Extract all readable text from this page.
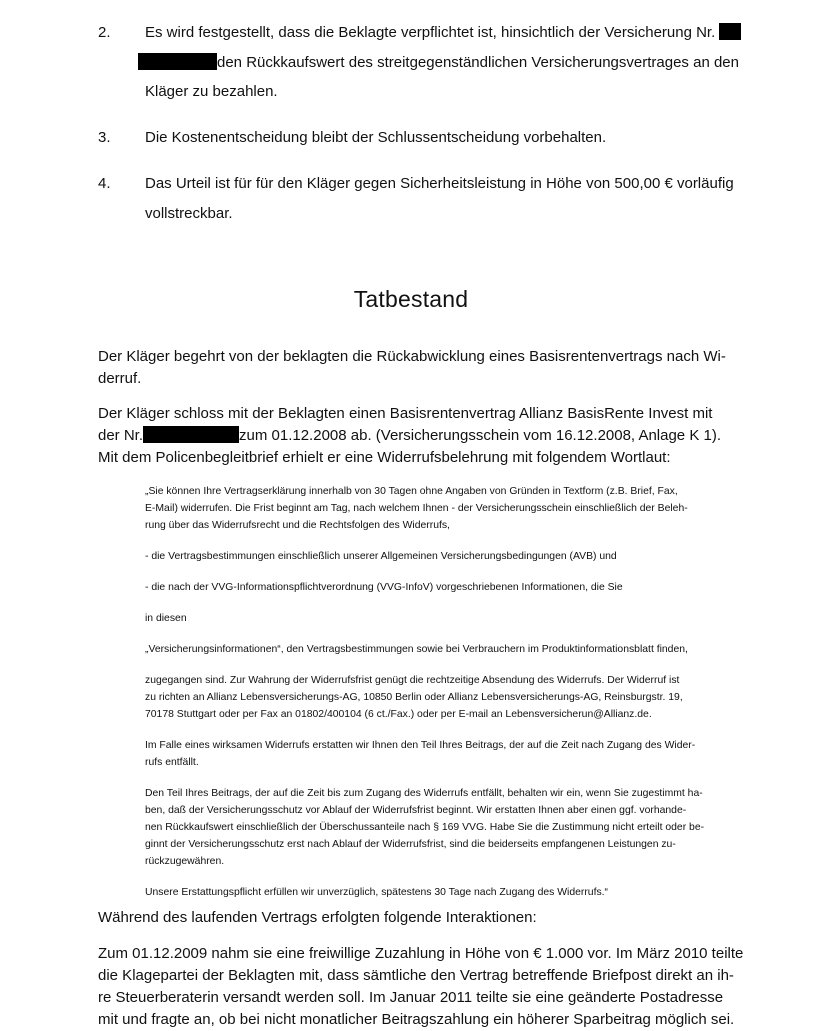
2.	Es wird festgestellt, dass die Beklagte verpflichtet ist, hinsichtlich der Versicherung Nr.
den Rückkaufswert des streitgegenständlichen Versicherungsvertrages an den
Kläger zu bezahlen.
3.	Die Kostenentscheidung bleibt der Schlussentscheidung vorbehalten.
4.	Das Urteil ist für für den Kläger gegen Sicherheitsleistung in Höhe von 500,00 € vorläufig
vollstreckbar.
Tatbestand
Der Kläger begehrt von der beklagten die Rückabwicklung eines Basisrentenvertrags nach Wi-
derruf.
Der Kläger schloss mit der Beklagten einen Basisrentenvertrag Allianz BasisRente Invest mit
der Nr.	zum 01.12.2008 ab. (Versicherungsschein vom 16.12.2008, Anlage K 1).
Mit dem Policenbegleitbrief erhielt er eine Widerrufsbelehrung mit folgendem Wortlaut:

„Sie können Ihre Vertragserklärung innerhalb von 30 Tagen ohne Angaben von Gründen in Textform (z.B. Brief, Fax,
E-Mail) widerrufen. Die Frist beginnt am Tag, nach welchem Ihnen - der Versicherungsschein einschließlich der Beleh-
rung über das Widerrufsrecht und die Rechtsfolgen des Widerrufs,

- die Vertragsbestimmungen einschließlich unserer Allgemeinen Versicherungsbedingungen (AVB) und

- die nach der VVG-Informationspflichtverordnung (VVG-InfoV) vorgeschriebenen Informationen, die Sie

in diesen

„Versicherungsinformationen“, den Vertragsbestimmungen sowie bei Verbrauchern im Produktinformationsblatt finden,

zugegangen sind. Zur Wahrung der Widerrufsfrist genügt die rechtzeitige Absendung des Widerrufs. Der Widerruf ist
zu richten an Allianz Lebensversicherungs-AG, 10850 Berlin oder Allianz Lebensversicherungs-AG, Reinsburgstr. 19,
70178 Stuttgart oder per Fax an 01802/400104 (6 ct./Fax.) oder per E-mail an Lebensversicherun@Allianz.de.

Im Falle eines wirksamen Widerrufs erstatten wir Ihnen den Teil Ihres Beitrags, der auf die Zeit nach Zugang des Wider-
rufs entfällt.

Den Teil Ihres Beitrags, der auf die Zeit bis zum Zugang des Widerrufs entfällt, behalten wir ein, wenn Sie zugestimmt ha-
ben, daß der Versicherungsschutz vor Ablauf der Widerrufsfrist beginnt. Wir erstatten Ihnen aber einen ggf. vorhande-
nen Rückkaufswert einschließlich der Überschussanteile nach § 169 VVG. Habe Sie die Zustimmung nicht erteilt oder be-
ginnt der Versicherungsschutz erst nach Ablauf der Widerrufsfrist, sind die beiderseits empfangenen Leistungen zu-
rückzugewähren.

Unsere Erstattungspflicht erfüllen wir unverzüglich, spätestens 30 Tage nach Zugang des Widerrufs.“

Während des laufenden Vertrags erfolgten folgende Interaktionen:
Zum 01.12.2009 nahm sie eine freiwillige Zuzahlung in Höhe von € 1.000 vor. Im März 2010 teilte
die Klagepartei der Beklagten mit, dass sämtliche den Vertrag betreffende Briefpost direkt an ih-
re Steuerberaterin versandt werden soll. Im Januar 2011 teilte sie eine geänderte Postadresse
mit und fragte an, ob bei nicht monatlicher Beitragszahlung ein höherer Sparbeitrag möglich sei.
